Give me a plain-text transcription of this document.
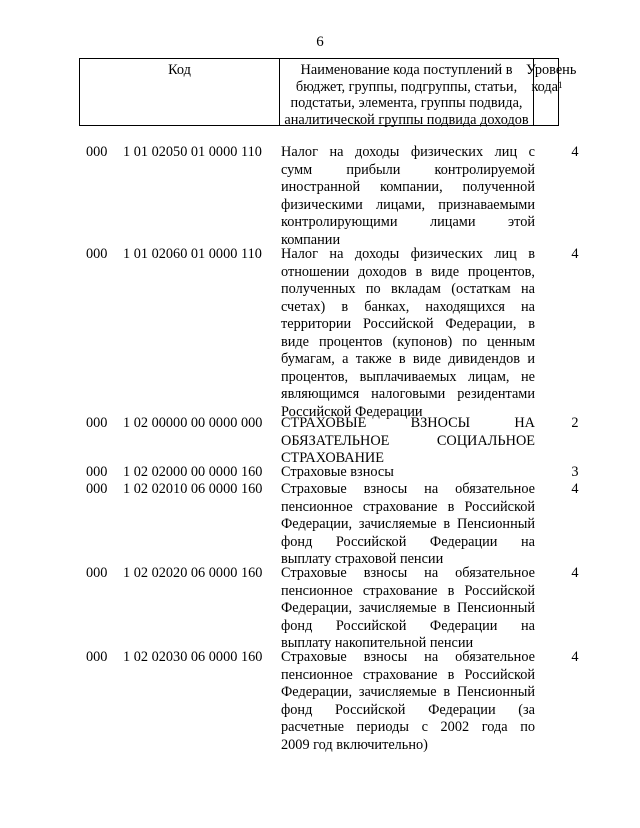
6
Код	Наименование кода поступлений в бюджет, группы, подгруппы, статьи, подстатьи, элемента, группы подвида, аналитической группы подвида доходов
Уровень кода$^1$
000 1 01 02050 01 0000 110 Налог на доходы физических лиц с
сумм прибыли контролируемой
иностранной компании, полученной
физическими лицами, признаваемыми
контролирующими лицами этой
компании
4
000 1 01 02060 01 0000 110 Налог на доходы физических лиц в
отношении доходов в виде процентов,
полученных по вкладам (остаткам на
счетах) в банках, находящихся на
территории Российской Федерации, в
виде процентов (купонов) по ценным
бумагам, а также в виде дивидендов и
процентов, выплачиваемых лицам, не
являющимся налоговыми резидентами
Российской Федерации
4
000 1 02 00000 00 0000 000 СТРАХОВЫЕ ВЗНОСЫ НА
ОБЯЗАТЕЛЬНОЕ СОЦИАЛЬНОЕ
СТРАХОВАНИЕ
2
000 1 02 02000 00 0000 160 Страховые взносы	3
000 1 02 02010 06 0000 160 Страховые взносы на обязательное
пенсионное страхование в Российской
Федерации, зачисляемые в Пенсионный
фонд Российской Федерации на
выплату страховой пенсии
4
000 1 02 02020 06 0000 160 Страховые взносы на обязательное
пенсионное страхование в Российской
Федерации, зачисляемые в Пенсионный
фонд Российской Федерации на
выплату накопительной пенсии
4
000 1 02 02030 06 0000 160 Страховые взносы на обязательное
пенсионное страхование в Российской
Федерации, зачисляемые в Пенсионный
фонд Российской Федерации (за
расчетные периоды с 2002 года по
2009 год включительно)
4
